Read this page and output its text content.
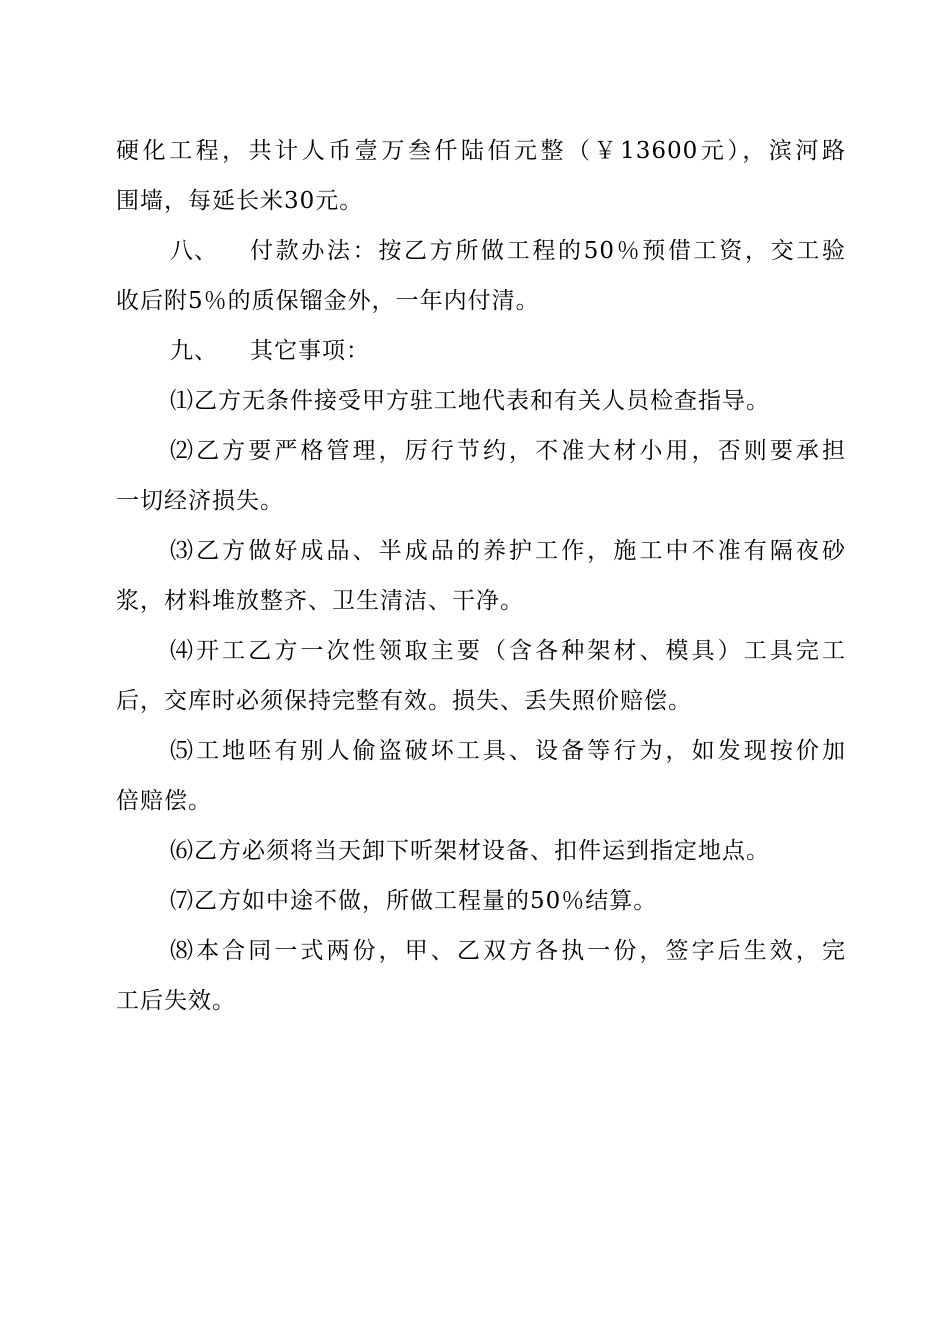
硬化工程，共计人币壹万叁仟陆佰元整（￥13600元），滨河路
围墙，每延长米30元。
八、 付款办法：按乙方所做工程的50％预借工资，交工验
收后附5％的质保镏金外，一年内付清。
九、 其它事项：
⑴乙方无条件接受甲方驻工地代表和有关人员检查指导。
⑵乙方要严格管理，厉行节约，不准大材小用，否则要承担
一切经济损失。
⑶乙方做好成品、半成品的养护工作，施工中不准有隔夜砂
浆，材料堆放整齐、卫生清洁、干净。
⑷开工乙方一次性领取主要（含各种架材、模具）工具完工
后，交库时必须保持完整有效。损失、丢失照价赔偿。
⑸工地呸有别人偷盗破坏工具、设备等行为，如发现按价加
倍赔偿。
⑹乙方必须将当天卸下听架材设备、扣件运到指定地点。
⑺乙方如中途不做，所做工程量的50％结算。
⑻本合同一式两份，甲、乙双方各执一份，签字后生效，完
工后失效。
